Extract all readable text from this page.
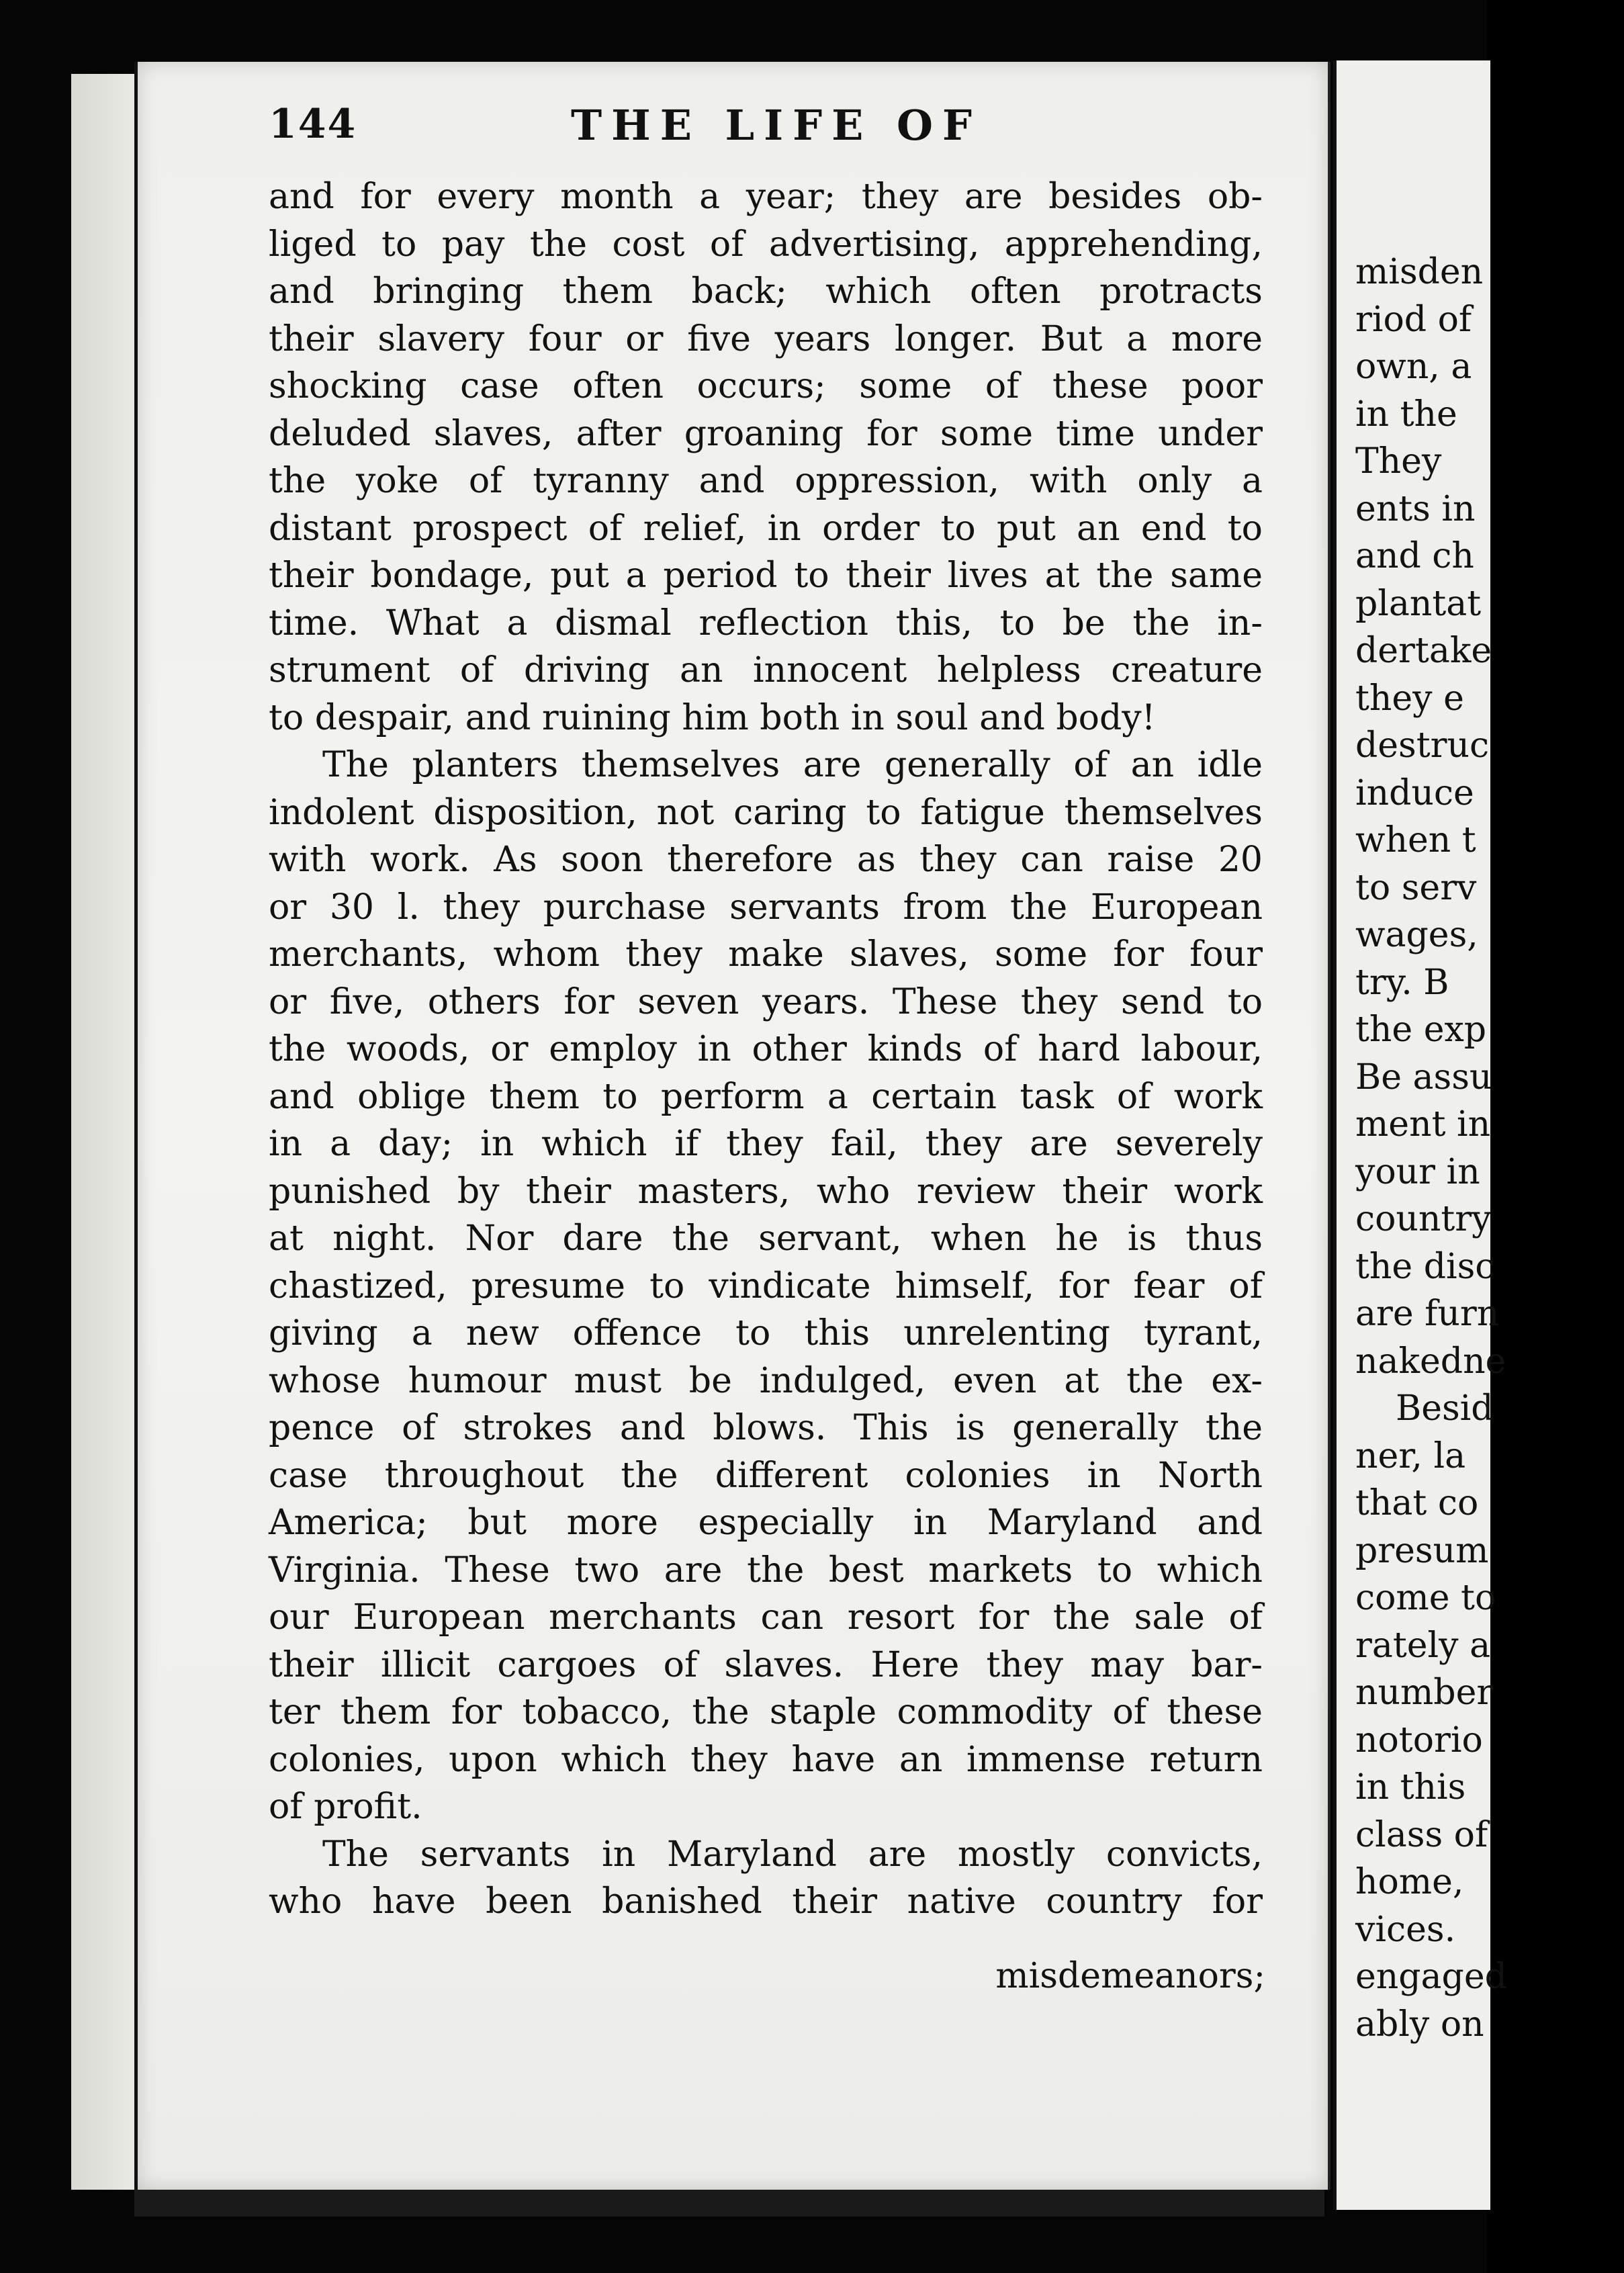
144	THE LIFE OF
and for every month a year; they are besides ob-
liged to pay the cost of advertising, apprehending,
and bringing them back; which often protracts
their slavery four or five years longer. But a more
shocking case often occurs; some of these poor
deluded slaves, after groaning for some time under
the yoke of tyranny and oppression, with only a
distant prospect of relief, in order to put an end to
their bondage, put a period to their lives at the same
time. What a dismal reflection this, to be the in-
strument of driving an innocent helpless creature
to despair, and ruining him both in soul and body!
The planters themselves are generally of an idle
indolent disposition, not caring to fatigue themselves
with work. As soon therefore as they can raise 20
or 30 l. they purchase servants from the European
merchants, whom they make slaves, some for four
or five, others for seven years. These they send to
the woods, or employ in other kinds of hard labour,
and oblige them to perform a certain task of work
in a day; in which if they fail, they are severely
punished by their masters, who review their work
at night. Nor dare the servant, when he is thus
chastized, presume to vindicate himself, for fear of
giving a new offence to this unrelenting tyrant,
whose humour must be indulged, even at the ex-
pence of strokes and blows. This is generally the
case throughout the different colonies in North
America; but more especially in Maryland and
Virginia. These two are the best markets to which
our European merchants can resort for the sale of
their illicit cargoes of slaves. Here they may bar-
ter them for tobacco, the staple commodity of these
colonies, upon which they have an immense return
of profit.
The servants in Maryland are mostly convicts,
who have been banished their native country for
misdemeanors;
misden
riod of
own, a
in the
They
ents in
and ch
plantat
dertake
they e
destruc
induce
when t
to serv
wages,
try. B
the exp
Be assu
ment in
your in
country
the disc
are furn
nakedne
Besid
ner, la
that co
presum
come to
rately a
number
notorio
in this
class of
home,
vices.
engaged
ably on
